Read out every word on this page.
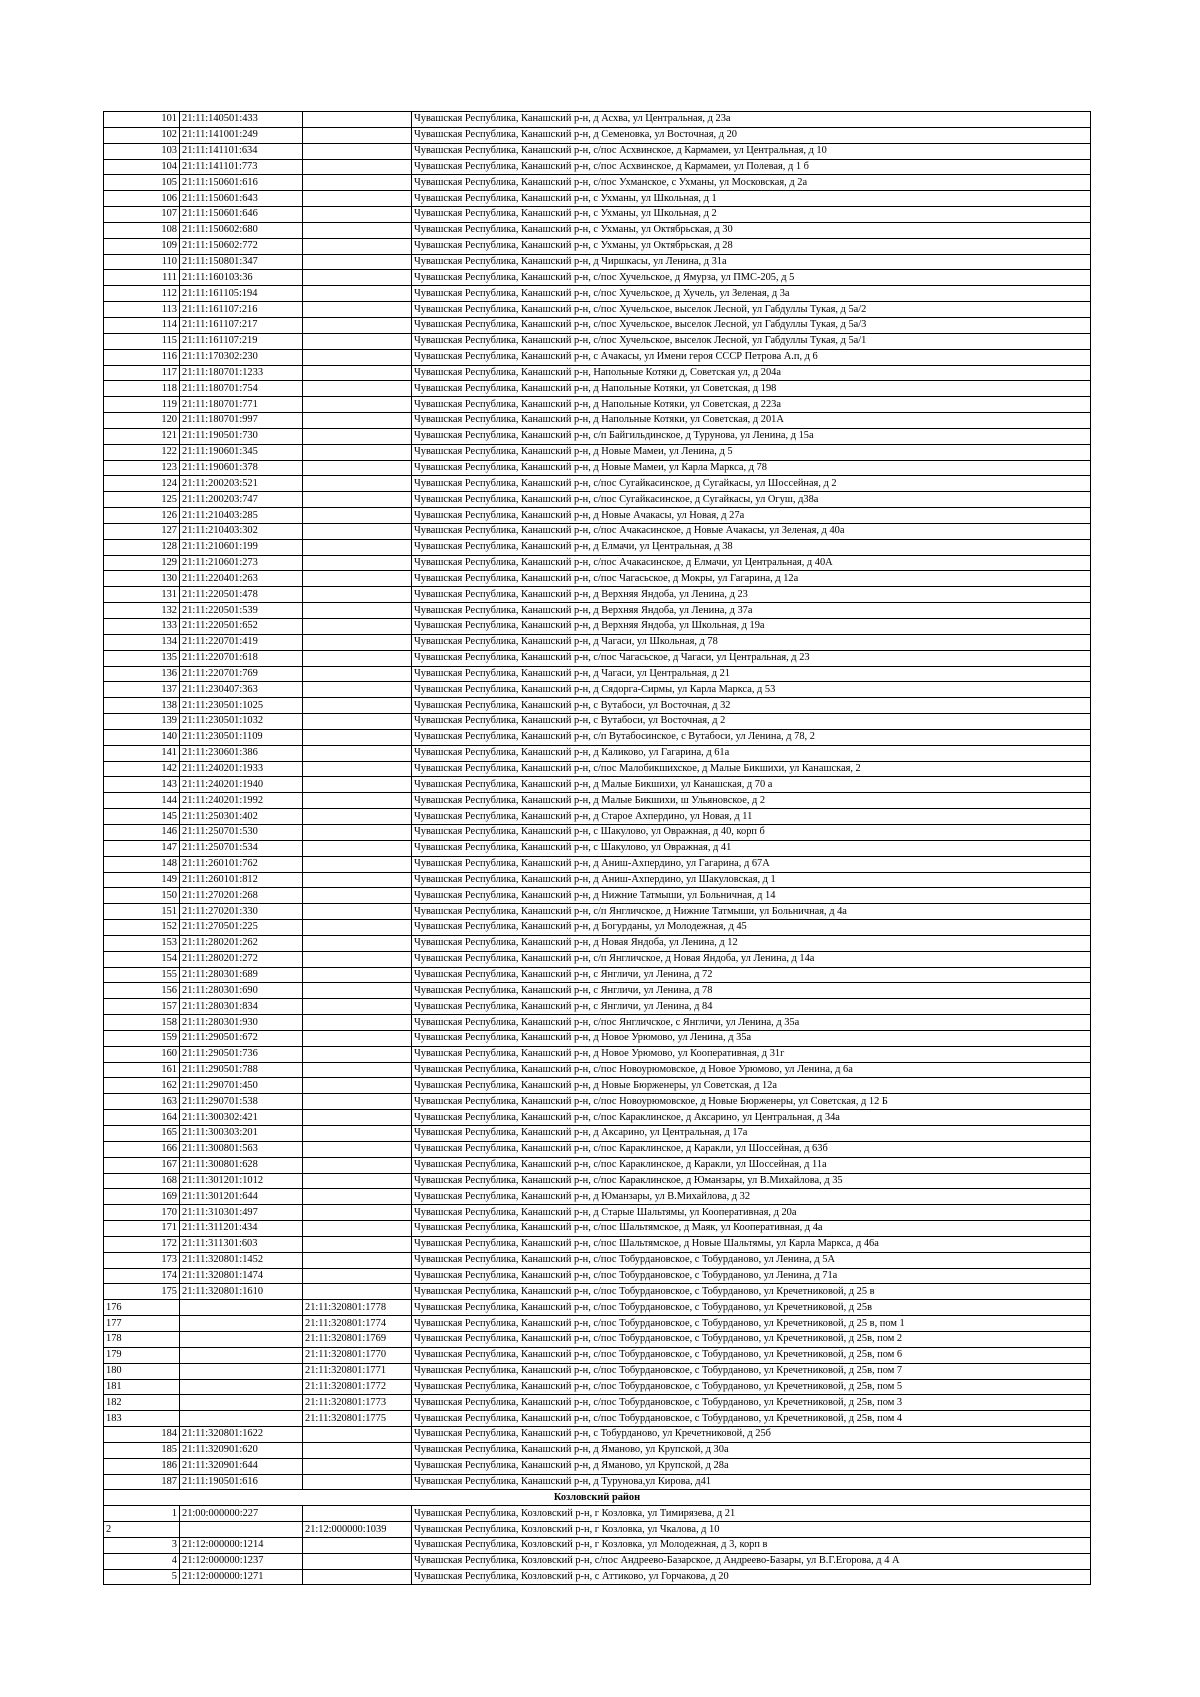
101	21:11:140501:433		Чувашская Республика, Канашский р-н, д Асхва, ул Центральная, д 23а
102	21:11:141001:249		Чувашская Республика, Канашский р-н, д Семеновка, ул Восточная, д 20
103	21:11:141101:634		Чувашская Республика, Канашский р-н, с/пос Асхвинское, д Кармамеи, ул Центральная, д 10
104	21:11:141101:773		Чувашская Республика, Канашский р-н, с/пос Асхвинское, д Кармамеи, ул Полевая, д 1 б
105	21:11:150601:616		Чувашская Республика, Канашский р-н, с/пос Ухманское, с Ухманы, ул Московская, д 2а
106	21:11:150601:643		Чувашская Республика, Канашский р-н, с Ухманы, ул Школьная, д 1
107	21:11:150601:646		Чувашская Республика, Канашский р-н, с Ухманы, ул Школьная, д 2
108	21:11:150602:680		Чувашская Республика, Канашский р-н, с Ухманы, ул Октябрьская, д 30
109	21:11:150602:772		Чувашская Республика, Канашский р-н, с Ухманы, ул Октябрьская, д 28
110	21:11:150801:347		Чувашская Республика, Канашский р-н, д Чиршкасы, ул Ленина, д 31а
111	21:11:160103:36		Чувашская Республика, Канашский р-н, с/пос Хучельское, д Ямурза, ул ПМС-205, д 5
112	21:11:161105:194		Чувашская Республика, Канашский р-н, с/пос Хучельское, д Хучель, ул Зеленая, д 3а
113	21:11:161107:216		Чувашская Республика, Канашский р-н, с/пос Хучельское, выселок Лесной, ул Габдуллы Тукая, д 5а/2
114	21:11:161107:217		Чувашская Республика, Канашский р-н, с/пос Хучельское, выселок Лесной, ул Габдуллы Тукая, д 5а/3
115	21:11:161107:219		Чувашская Республика, Канашский р-н, с/пос Хучельское, выселок Лесной, ул Габдуллы Тукая, д 5а/1
116	21:11:170302:230		Чувашская Республика, Канашский р-н, с Ачакасы, ул Имени героя СССР Петрова А.п, д 6
117	21:11:180701:1233		Чувашская Республика, Канашский р-н, Напольные Котяки д, Советская ул, д 204а
118	21:11:180701:754		Чувашская Республика, Канашский р-н, д Напольные Котяки, ул Советская, д 198
119	21:11:180701:771		Чувашская Республика, Канашский р-н, д Напольные Котяки, ул Советская, д 223а
120	21:11:180701:997		Чувашская Республика, Канашский р-н, д Напольные Котяки, ул Советская, д 201А
121	21:11:190501:730		Чувашская Республика, Канашский р-н, с/п Байгильдинское, д Турунова, ул Ленина, д 15а
122	21:11:190601:345		Чувашская Республика, Канашский р-н, д Новые Мамеи, ул Ленина, д 5
123	21:11:190601:378		Чувашская Республика, Канашский р-н, д Новые Мамеи, ул Карла Маркса, д 78
124	21:11:200203:521		Чувашская Республика, Канашский р-н, с/пос Сугайкасинское, д Сугайкасы, ул Шоссейная, д 2
125	21:11:200203:747		Чувашская Республика, Канашский р-н, с/пос Сугайкасинское, д Сугайкасы, ул Огуш, д38а
126	21:11:210403:285		Чувашская Республика, Канашский р-н, д Новые Ачакасы, ул Новая, д 27а
127	21:11:210403:302		Чувашская Республика, Канашский р-н, с/пос Ачакасинское, д Новые Ачакасы, ул Зеленая, д 40а
128	21:11:210601:199		Чувашская Республика, Канашский р-н, д Елмачи, ул Центральная, д 38
129	21:11:210601:273		Чувашская Республика, Канашский р-н, с/пос Ачакасинское, д Елмачи, ул Центральная, д 40А
130	21:11:220401:263		Чувашская Республика, Канашский р-н, с/пос Чагасьское, д Мокры, ул Гагарина, д 12а
131	21:11:220501:478		Чувашская Республика, Канашский р-н, д Верхняя Яндоба, ул Ленина, д 23
132	21:11:220501:539		Чувашская Республика, Канашский р-н, д Верхняя Яндоба, ул Ленина, д 37а
133	21:11:220501:652		Чувашская Республика, Канашский р-н, д Верхняя Яндоба, ул Школьная, д 19а
134	21:11:220701:419		Чувашская Республика, Канашский р-н, д Чагаси, ул Школьная, д 78
135	21:11:220701:618		Чувашская Республика, Канашский р-н, с/пос Чагасьское, д Чагаси, ул Центральная, д 23
136	21:11:220701:769		Чувашская Республика, Канашский р-н, д Чагаси, ул Центральная, д 21
137	21:11:230407:363		Чувашская Республика, Канашский р-н, д Сядорга-Сирмы, ул Карла Маркса, д 53
138	21:11:230501:1025		Чувашская Республика, Канашский р-н, с Вутабоси, ул Восточная, д 32
139	21:11:230501:1032		Чувашская Республика, Канашский р-н, с Вутабоси, ул Восточная, д 2
140	21:11:230501:1109		Чувашская Республика, Канашский р-н, с/п Вутабосинское, с Вутабоси, ул Ленина, д 78, 2
141	21:11:230601:386		Чувашская Республика, Канашский р-н, д Каликово, ул Гагарина, д 61а
142	21:11:240201:1933		Чувашская Республика, Канашский р-н, с/пос Малобикшихское, д Малые Бикшихи, ул Канашская, 2
143	21:11:240201:1940		Чувашская Республика, Канашский р-н, д Малые Бикшихи, ул Канашская, д 70 а
144	21:11:240201:1992		Чувашская Республика, Канашский р-н, д Малые Бикшихи, ш Ульяновское, д 2
145	21:11:250301:402		Чувашская Республика, Канашский р-н, д Старое Ахпердино, ул Новая, д 11
146	21:11:250701:530		Чувашская Республика, Канашский р-н, с Шакулово, ул Овражная, д 40, корп б
147	21:11:250701:534		Чувашская Республика, Канашский р-н, с Шакулово, ул Овражная, д 41
148	21:11:260101:762		Чувашская Республика, Канашский р-н, д Аниш-Ахпердино, ул Гагарина, д 67А
149	21:11:260101:812		Чувашская Республика, Канашский р-н, д Аниш-Ахпердино, ул Шакуловская, д 1
150	21:11:270201:268		Чувашская Республика, Канашский р-н, д Нижние Татмыши, ул Больничная, д 14
151	21:11:270201:330		Чувашская Республика, Канашский р-н, с/п Янгличское, д Нижние Татмыши, ул Больничная, д 4а
152	21:11:270501:225		Чувашская Республика, Канашский р-н, д Богурданы, ул Молодежная, д 45
153	21:11:280201:262		Чувашская Республика, Канашский р-н, д Новая Яндоба, ул Ленина, д 12
154	21:11:280201:272		Чувашская Республика, Канашский р-н, с/п Янгличское, д Новая Яндоба, ул Ленина, д 14а
155	21:11:280301:689		Чувашская Республика, Канашский р-н, с Янгличи, ул Ленина, д 72
156	21:11:280301:690		Чувашская Республика, Канашский р-н, с Янгличи, ул Ленина, д 78
157	21:11:280301:834		Чувашская Республика, Канашский р-н, с Янгличи, ул Ленина, д 84
158	21:11:280301:930		Чувашская Республика, Канашский р-н, с/пос Янгличское, с Янгличи, ул Ленина, д 35а
159	21:11:290501:672		Чувашская Республика, Канашский р-н, д Новое Урюмово, ул Ленина, д 35а
160	21:11:290501:736		Чувашская Республика, Канашский р-н, д Новое Урюмово, ул Кооперативная, д 31г
161	21:11:290501:788		Чувашская Республика, Канашский р-н, с/пос Новоурюмовское, д Новое Урюмово, ул Ленина, д 6а
162	21:11:290701:450		Чувашская Республика, Канашский р-н, д Новые Бюрженеры, ул Советская, д 12а
163	21:11:290701:538		Чувашская Республика, Канашский р-н, с/пос Новоурюмовское, д Новые Бюрженеры, ул Советская, д 12 Б
164	21:11:300302:421		Чувашская Республика, Канашский р-н, с/пос Караклинское, д Аксарино, ул Центральная, д 34а
165	21:11:300303:201		Чувашская Республика, Канашский р-н, д Аксарино, ул Центральная, д 17а
166	21:11:300801:563		Чувашская Республика, Канашский р-н, с/пос Караклинское, д Каракли, ул Шоссейная, д 63б
167	21:11:300801:628		Чувашская Республика, Канашский р-н, с/пос Караклинское, д Каракли, ул Шоссейная, д 11а
168	21:11:301201:1012		Чувашская Республика, Канашский р-н, с/пос Караклинское, д Юманзары, ул В.Михайлова, д 35
169	21:11:301201:644		Чувашская Республика, Канашский р-н, д Юманзары, ул В.Михайлова, д 32
170	21:11:310301:497		Чувашская Республика, Канашский р-н, д Старые Шальтямы, ул Кооперативная, д 20а
171	21:11:311201:434		Чувашская Республика, Канашский р-н, с/пос Шальтямское, д Маяк, ул Кооперативная, д 4а
172	21:11:311301:603		Чувашская Республика, Канашский р-н, с/пос Шальтямское, д Новые Шальтямы, ул Карла Маркса, д 46а
173	21:11:320801:1452		Чувашская Республика, Канашский р-н, с/пос Тобурдановское, с Тобурданово, ул Ленина, д 5А
174	21:11:320801:1474		Чувашская Республика, Канашский р-н, с/пос Тобурдановское, с Тобурданово, ул Ленина, д 71а
175	21:11:320801:1610		Чувашская Республика, Канашский р-н, с/пос Тобурдановское, с Тобурданово, ул Кречетниковой, д 25 в
176		21:11:320801:1778	Чувашская Республика, Канашский р-н, с/пос Тобурдановское, с Тобурданово, ул Кречетниковой, д 25в
177		21:11:320801:1774	Чувашская Республика, Канашский р-н, с/пос Тобурдановское, с Тобурданово, ул Кречетниковой, д 25 в, пом 1
178		21:11:320801:1769	Чувашская Республика, Канашский р-н, с/пос Тобурдановское, с Тобурданово, ул Кречетниковой, д 25в, пом 2
179		21:11:320801:1770	Чувашская Республика, Канашский р-н, с/пос Тобурдановское, с Тобурданово, ул Кречетниковой, д 25в, пом 6
180		21:11:320801:1771	Чувашская Республика, Канашский р-н, с/пос Тобурдановское, с Тобурданово, ул Кречетниковой, д 25в, пом 7
181		21:11:320801:1772	Чувашская Республика, Канашский р-н, с/пос Тобурдановское, с Тобурданово, ул Кречетниковой, д 25в, пом 5
182		21:11:320801:1773	Чувашская Республика, Канашский р-н, с/пос Тобурдановское, с Тобурданово, ул Кречетниковой, д 25в, пом 3
183		21:11:320801:1775	Чувашская Республика, Канашский р-н, с/пос Тобурдановское, с Тобурданово, ул Кречетниковой, д 25в, пом 4
184	21:11:320801:1622		Чувашская Республика, Канашский р-н, с Тобурданово, ул Кречетниковой, д 25б
185	21:11:320901:620		Чувашская Республика, Канашский р-н, д Яманово, ул Крупской, д 30а
186	21:11:320901:644		Чувашская Республика, Канашский р-н, д Яманово, ул Крупской, д 28а
187	21:11:190501:616		Чувашская Республика, Канашский р-н, д Турунова,ул Кирова, д41
Козловский район			
1	21:00:000000:227		Чувашская Республика, Козловский р-н, г Козловка, ул Тимирязева, д 21
2		21:12:000000:1039	Чувашская Республика, Козловский р-н, г Козловка, ул Чкалова, д 10
3	21:12:000000:1214		Чувашская Республика, Козловский р-н, г Козловка, ул Молодежная, д 3, корп в
4	21:12:000000:1237		Чувашская Республика, Козловский р-н, с/пос Андреево-Базарское, д Андреево-Базары, ул В.Г.Егорова, д 4 А
5	21:12:000000:1271		Чувашская Республика, Козловский р-н, с Аттиково, ул Горчакова, д 20
